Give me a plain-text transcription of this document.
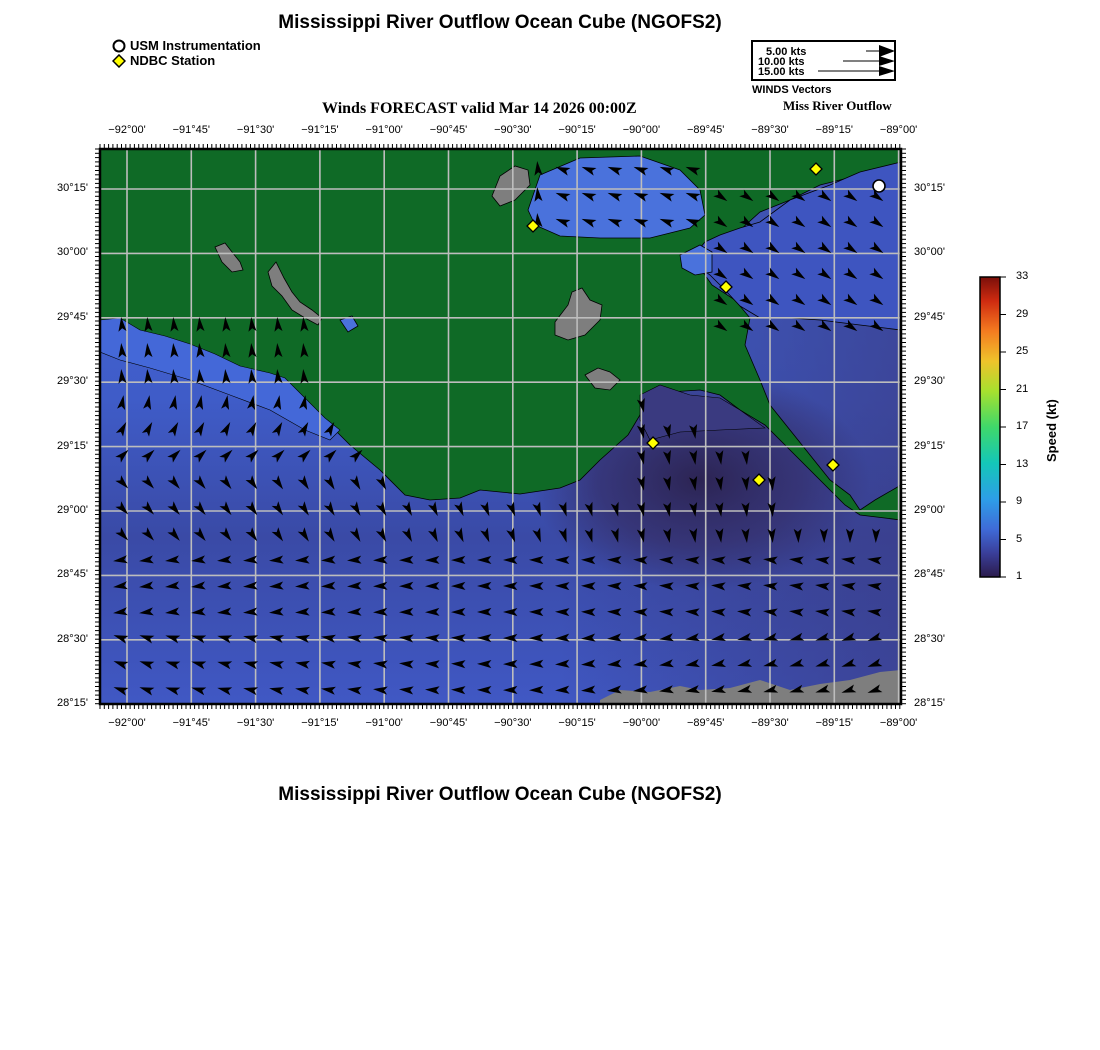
Mississippi River Outflow Ocean Cube (NGOFS2)
USM Instrumentation
NDBC Station
5.00 kts
10.00 kts
15.00 kts
WINDS Vectors
Winds FORECAST valid Mar 14 2026 00:00Z	Miss River Outflow
−92°00'	−91°45'	−91°30'	−91°15'	−91°00'	−90°45'	−90°30'	−90°15'	−90°00'	−89°45'	−89°30'	−89°15'	−89°00'
−92°00'	−91°45'	−91°30'	−91°15'	−91°00'	−90°45'	−90°30'	−90°15'	−90°00'	−89°45'	−89°30'	−89°15'	−89°00'
30°15'
30°00'
29°45'
29°30'
29°15'
29°00'
28°45'
28°30'
28°15'
30°15'
30°00'
29°45'
29°30'
29°15'
29°00'
28°45'
28°30'
28°15'
33
29
25
21
17
13
9
5
1
Speed (kt)
Mississippi River Outflow Ocean Cube (NGOFS2)
